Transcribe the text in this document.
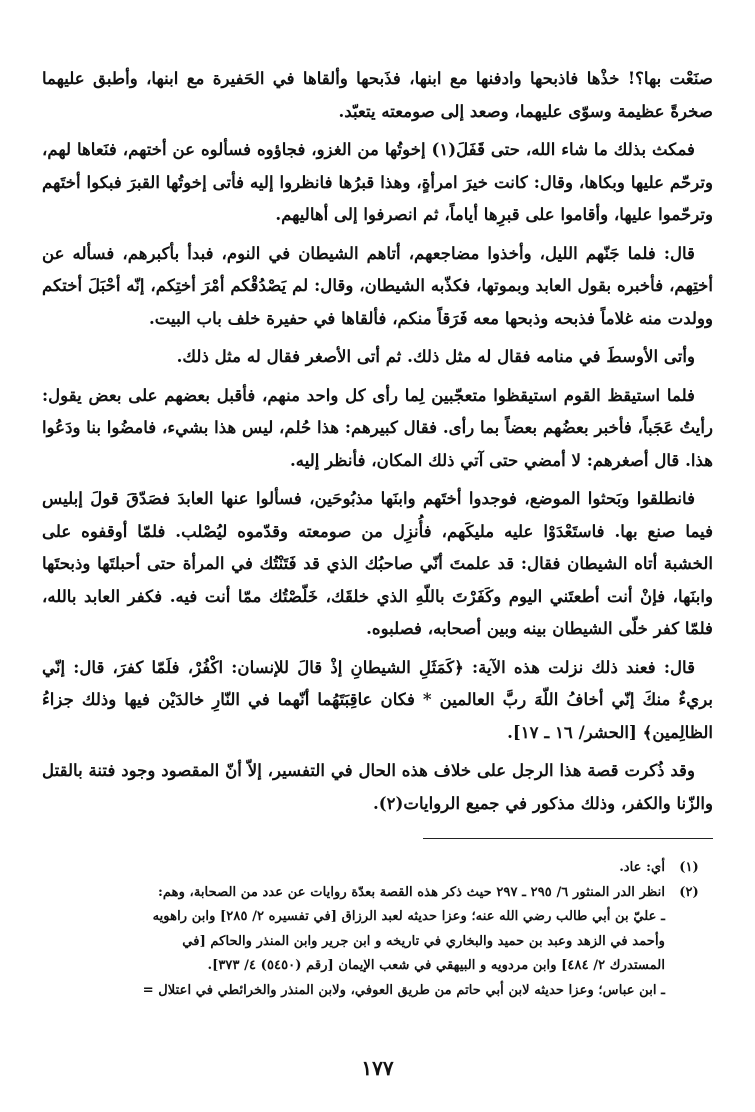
صنَعْت بها؟! خذْها فاذبحها وادفنها مع ابنها، فذَبحها وألقاها في الحَفيرة مع ابنها، وأطبق عليهما صخرةً عظيمة وسوّى عليهما، وصعد إلى صومعته يتعبّد.

فمكث بذلك ما شاء الله، حتى قَفَلَ(١) إخوتُها من الغزو، فجاؤوه فسألوه عن أختهم، فنَعاها لهم، وترحّم عليها وبكاها، وقال: كانت خيرَ امرأةٍ، وهذا قبرُها فانظروا إليه فأتى إخوتُها القبرَ فبكوا أختَهم وترحّموا عليها، وأقاموا على قبرِها أياماً، ثم انصرفوا إلى أهاليهم.

قال: فلما جَنّهم الليل، وأخذوا مضاجعهم، أتاهم الشيطان في النوم، فبدأ بأكبرهم، فسأله عن أختِهم، فأخبره بقول العابد وبموتها، فكذّبه الشيطان، وقال: لم يَصْدُقْكم أمْرَ أختِكم، إنّه أحْبَلَ أختكم وولدت منه غلاماً فذبحه وذبحها معه فَرَقاً منكم، فألقاها في حفيرة خلف باب البيت.

وأتى الأوسطَ في منامه فقال له مثل ذلك. ثم أتى الأصغر فقال له مثل ذلك.

فلما استيقظ القوم استيقظوا متعجّبين لِما رأى كل واحد منهم، فأقبل بعضهم على بعض يقول: رأيتُ عَجَباً، فأخبر بعضُهم بعضاً بما رأى. فقال كبيرهم: هذا حُلم، ليس هذا بشيء، فامضُوا بنا ودَعُوا هذا. قال أصغرهم: لا أمضي حتى آتي ذلك المكان، فأنظر إليه.

فانطلقوا وبَحثوا الموضع، فوجدوا أختَهم وابنَها مذبُوحَين، فسألوا عنها العابدَ فصَدّقَ قولَ إبليس فيما صنع بها. فاستَعْدَوْا عليه مليكَهم، فأُنزِل من صومعته وقدّموه ليُصْلب. فلمّا أوقفوه على الخشبة أتاه الشيطان فقال: قد علمتَ أنّي صاحبُك الذي قد فَتَنْتُك في المرأة حتى أحبلتَها وذبحتَها وابنَها، فإنْ أنت أطعتَني اليوم وكَفَرْتَ باللّهِ الذي خلقَك، خَلّصْتُك ممّا أنت فيه. فكفر العابد بالله، فلمّا كفر خلّى الشيطان بينه وبين أصحابه، فصلبوه.

قال: فعند ذلك نزلت هذه الآية: ﴿كَمَثَلِ الشيطانِ إذْ قالَ للإنسان: اكْفُرْ، فلَمّا كفرَ، قال: إنّي بريءٌ منكَ إنّي أخافُ اللّهَ ربَّ العالمين * فكان عاقِبَتَهُما أنّهما في النّارِ خالدَيْن فيها وذلك جزاءُ الظالِمين﴾ [الحشر/ ١٦ ـ ١٧].

وقد ذُكرت قصة هذا الرجل على خلاف هذه الحال في التفسير، إلاّ أنّ المقصود وجود فتنة بالقتل والزّنا والكفر، وذلك مذكور في جميع الروايات(٢).

(١)
أي: عاد.
(٢)
انظر الدر المنثور ٦/ ٢٩٥ ـ ٢٩٧ حيث ذكر هذه القصة بعدّة روايات عن عدد من الصحابة، وهم:
ـ عليّ بن أبي طالب رضي الله عنه؛ وعزا حديثه لعبد الرزاق [في تفسيره ٢/ ٢٨٥] وابن راهويه
وأحمد في الزهد وعبد بن حميد والبخاري في تاريخه و ابن جرير وابن المنذر والحاكم [في
المستدرك ٢/ ٤٨٤] وابن مردويه و البيهقي في شعب الإيمان [رقم (٥٤٥٠) ٤/ ٣٧٣].
ـ ابن عباس؛ وعزا حديثه لابن أبي حاتم من طريق العوفي، ولابن المنذر والخرائطي في اعتلال =
١٧٧
